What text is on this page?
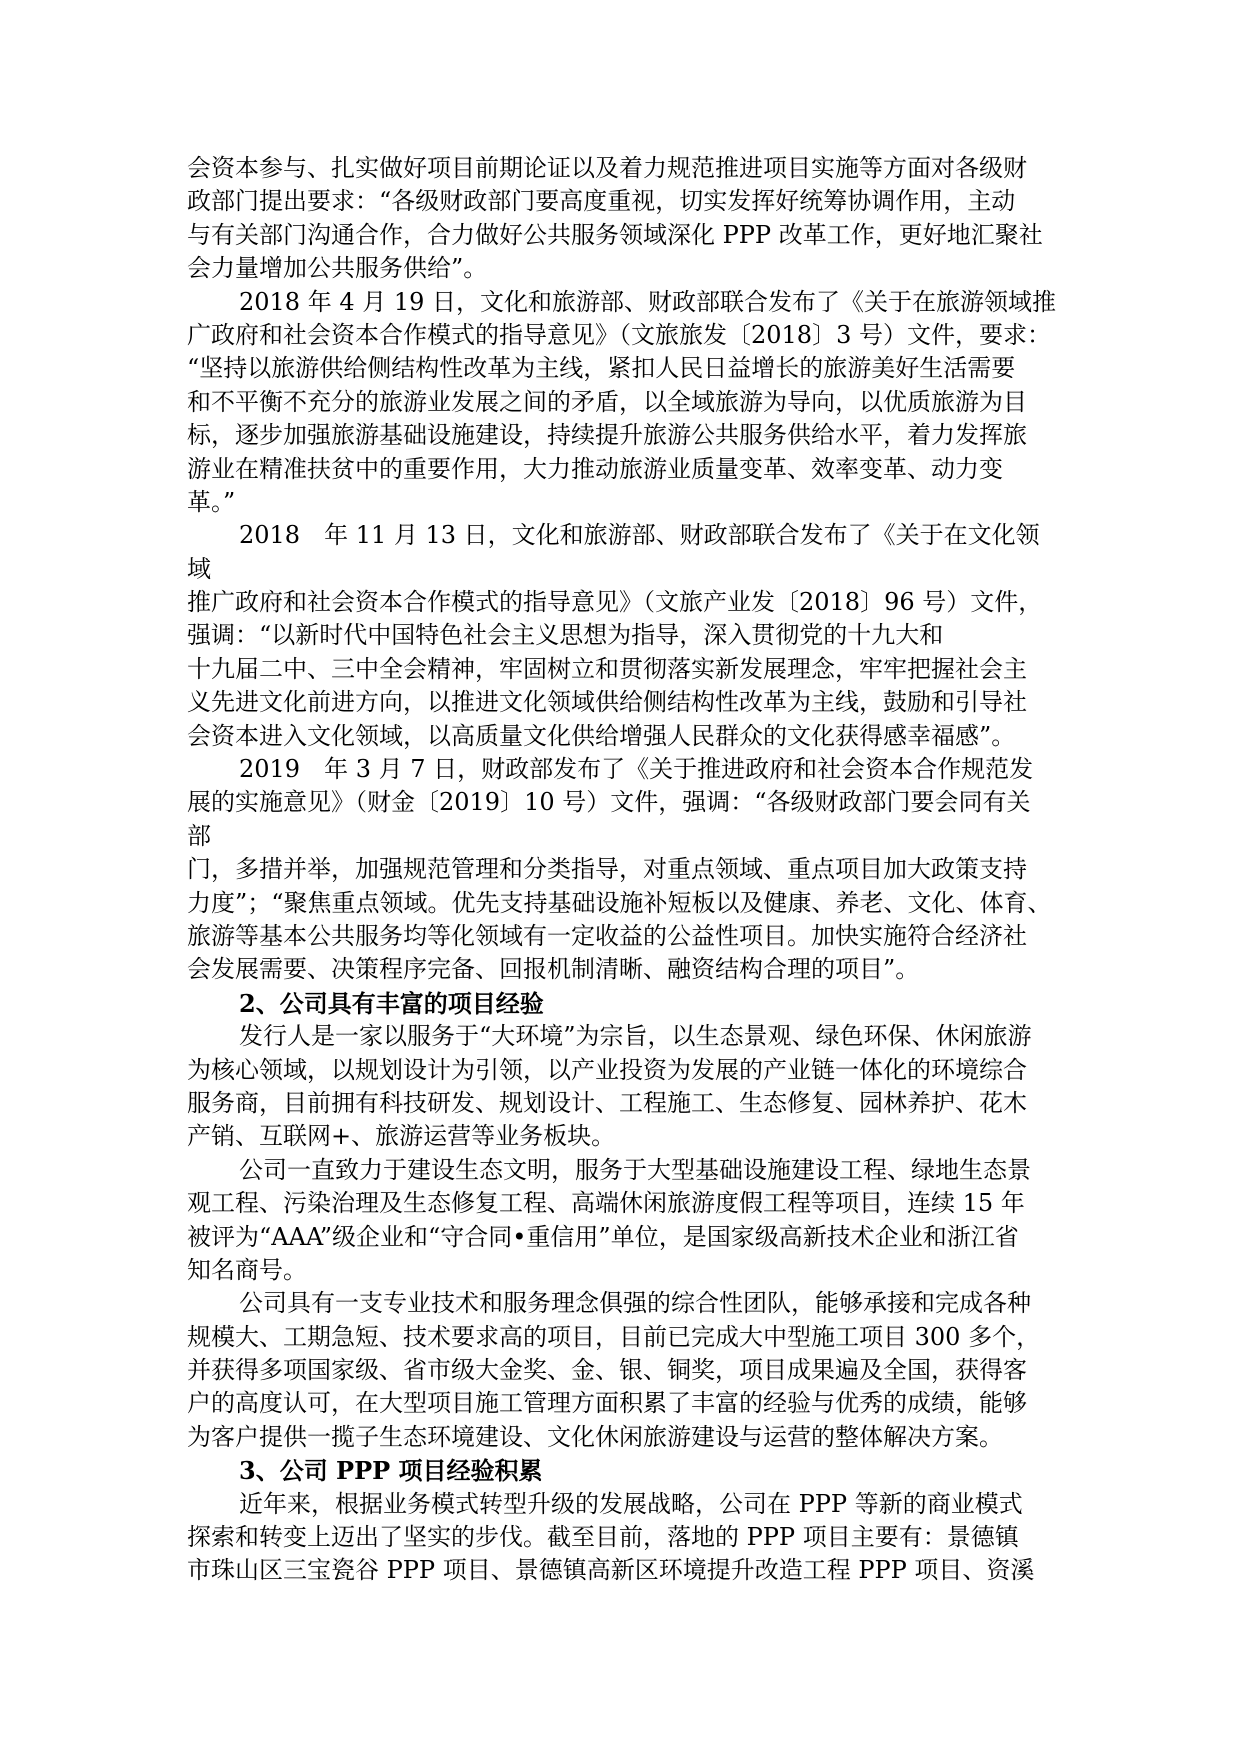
会资本参与、扎实做好项目前期论证以及着力规范推进项目实施等方面对各级财
政部门提出要求：“各级财政部门要高度重视，切实发挥好统筹协调作用，主动
与有关部门沟通合作，合力做好公共服务领域深化 PPP 改革工作，更好地汇聚社
会力量增加公共服务供给”。
2018 年 4 月 19 日，文化和旅游部、财政部联合发布了《关于在旅游领域推
广政府和社会资本合作模式的指导意见》（文旅旅发〔2018〕3 号）文件，要求：
“坚持以旅游供给侧结构性改革为主线，紧扣人民日益增长的旅游美好生活需要
和不平衡不充分的旅游业发展之间的矛盾，以全域旅游为导向，以优质旅游为目
标，逐步加强旅游基础设施建设，持续提升旅游公共服务供给水平，着力发挥旅
游业在精准扶贫中的重要作用，大力推动旅游业质量变革、效率变革、动力变
革。”
2018　年 11 月 13 日，文化和旅游部、财政部联合发布了《关于在文化领
域
推广政府和社会资本合作模式的指导意见》（文旅产业发〔2018〕96 号）文件，
强调：“以新时代中国特色社会主义思想为指导，深入贯彻党的十九大和
十九届二中、三中全会精神，牢固树立和贯彻落实新发展理念，牢牢把握社会主
义先进文化前进方向，以推进文化领域供给侧结构性改革为主线，鼓励和引导社
会资本进入文化领域，以高质量文化供给增强人民群众的文化获得感幸福感”。
2019　年 3 月 7 日，财政部发布了《关于推进政府和社会资本合作规范发
展的实施意见》（财金〔2019〕10 号）文件，强调：“各级财政部门要会同有关
部
门，多措并举，加强规范管理和分类指导，对重点领域、重点项目加大政策支持
力度”；“聚焦重点领域。优先支持基础设施补短板以及健康、养老、文化、体育、
旅游等基本公共服务均等化领域有一定收益的公益性项目。加快实施符合经济社
会发展需要、决策程序完备、回报机制清晰、融资结构合理的项目”。
2、公司具有丰富的项目经验
发行人是一家以服务于“大环境”为宗旨，以生态景观、绿色环保、休闲旅游
为核心领域，以规划设计为引领，以产业投资为发展的产业链一体化的环境综合
服务商，目前拥有科技研发、规划设计、工程施工、生态修复、园林养护、花木
产销、互联网+、旅游运营等业务板块。
公司一直致力于建设生态文明，服务于大型基础设施建设工程、绿地生态景
观工程、污染治理及生态修复工程、高端休闲旅游度假工程等项目，连续 15 年
被评为“AAA”级企业和“守合同•重信用”单位，是国家级高新技术企业和浙江省
知名商号。
公司具有一支专业技术和服务理念俱强的综合性团队，能够承接和完成各种
规模大、工期急短、技术要求高的项目，目前已完成大中型施工项目 300 多个，
并获得多项国家级、省市级大金奖、金、银、铜奖，项目成果遍及全国，获得客
户的高度认可，在大型项目施工管理方面积累了丰富的经验与优秀的成绩，能够
为客户提供一揽子生态环境建设、文化休闲旅游建设与运营的整体解决方案。
3、公司 PPP 项目经验积累
近年来，根据业务模式转型升级的发展战略，公司在 PPP 等新的商业模式
探索和转变上迈出了坚实的步伐。截至目前，落地的 PPP 项目主要有：景德镇
市珠山区三宝瓷谷 PPP 项目、景德镇高新区环境提升改造工程 PPP 项目、资溪
